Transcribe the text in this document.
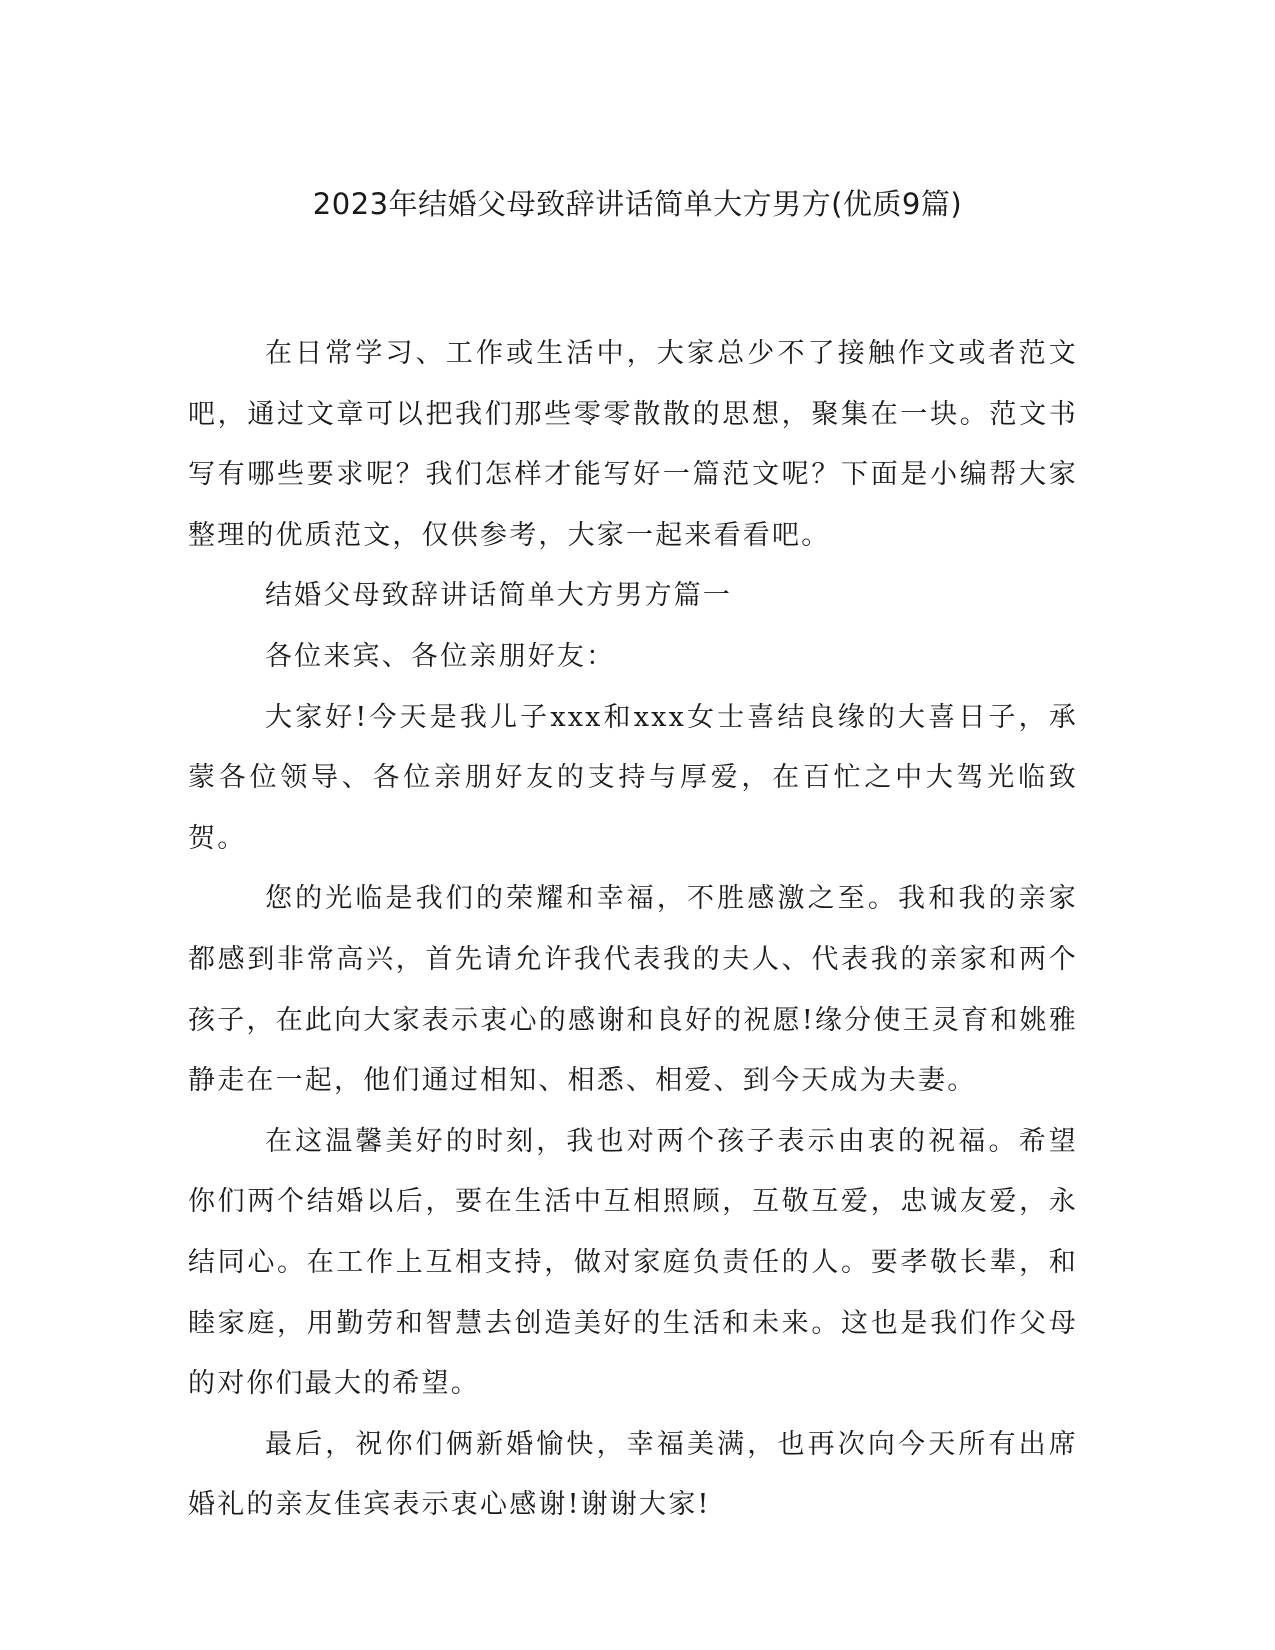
2023年结婚父母致辞讲话简单大方男方(优质9篇)

在日常学习、工作或生活中，大家总少不了接触作文或者范文吧，通过文章可以把我们那些零零散散的思想，聚集在一块。范文书写有哪些要求呢？我们怎样才能写好一篇范文呢？下面是小编帮大家整理的优质范文，仅供参考，大家一起来看看吧。

结婚父母致辞讲话简单大方男方篇一

各位来宾、各位亲朋好友：

大家好!今天是我儿子xxx和xxx女士喜结良缘的大喜日子，承蒙各位领导、各位亲朋好友的支持与厚爱，在百忙之中大驾光临致贺。

您的光临是我们的荣耀和幸福，不胜感激之至。我和我的亲家都感到非常高兴，首先请允许我代表我的夫人、代表我的亲家和两个孩子，在此向大家表示衷心的感谢和良好的祝愿!缘分使王灵育和姚雅静走在一起，他们通过相知、相悉、相爱、到今天成为夫妻。

在这温馨美好的时刻，我也对两个孩子表示由衷的祝福。希望你们两个结婚以后，要在生活中互相照顾，互敬互爱，忠诚友爱，永结同心。在工作上互相支持，做对家庭负责任的人。要孝敬长辈，和睦家庭，用勤劳和智慧去创造美好的生活和未来。这也是我们作父母的对你们最大的希望。

最后，祝你们俩新婚愉快，幸福美满，也再次向今天所有出席婚礼的亲友佳宾表示衷心感谢!谢谢大家!
